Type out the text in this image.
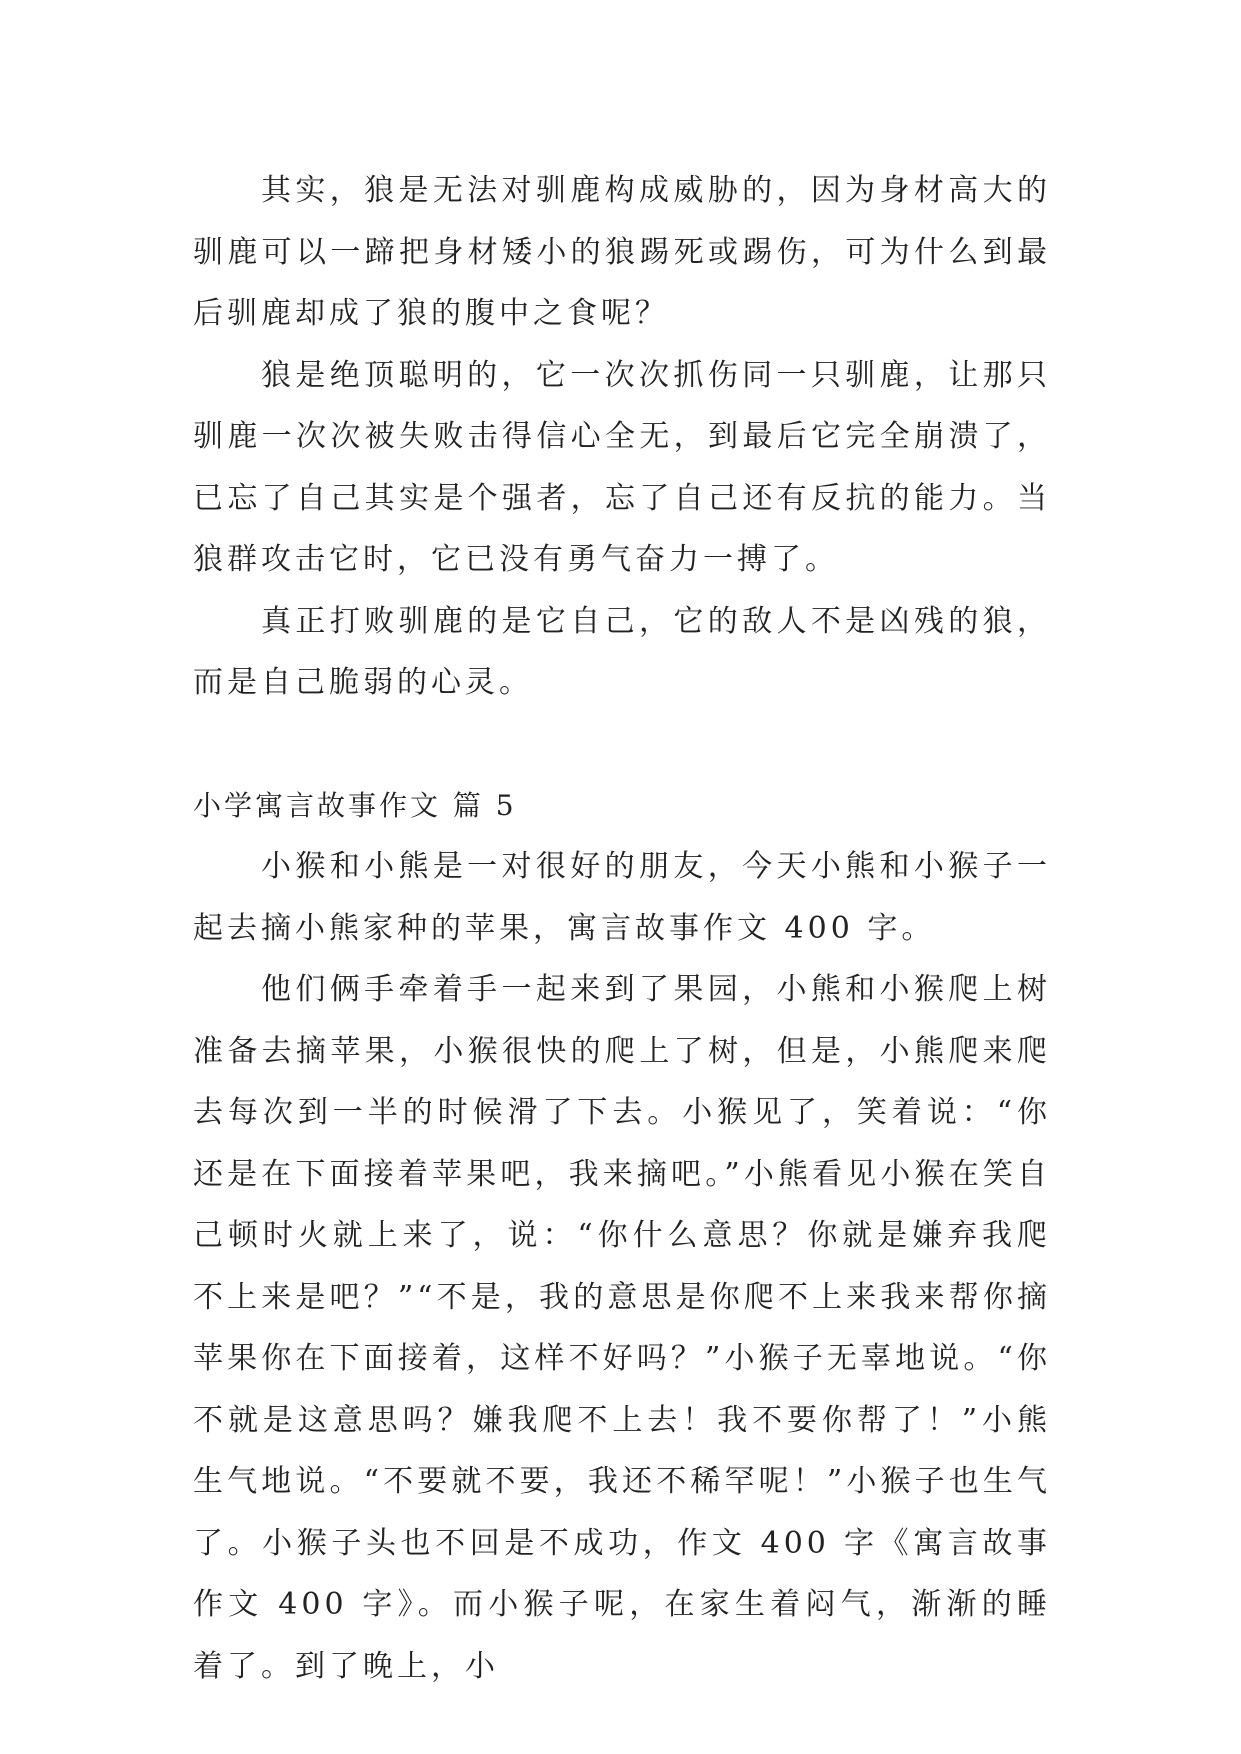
其实，狼是无法对驯鹿构成威胁的，因为身材高大的驯鹿可以一蹄把身材矮小的狼踢死或踢伤，可为什么到最后驯鹿却成了狼的腹中之食呢？

狼是绝顶聪明的，它一次次抓伤同一只驯鹿，让那只驯鹿一次次被失败击得信心全无，到最后它完全崩溃了，已忘了自己其实是个强者，忘了自己还有反抗的能力。当狼群攻击它时，它已没有勇气奋力一搏了。

真正打败驯鹿的是它自己，它的敌人不是凶残的狼，而是自己脆弱的心灵。

小学寓言故事作文 篇 5

小猴和小熊是一对很好的朋友，今天小熊和小猴子一起去摘小熊家种的苹果，寓言故事作文 400 字。

他们俩手牵着手一起来到了果园，小熊和小猴爬上树准备去摘苹果，小猴很快的爬上了树，但是，小熊爬来爬去每次到一半的时候滑了下去。小猴见了，笑着说：“你还是在下面接着苹果吧，我来摘吧。”小熊看见小猴在笑自己顿时火就上来了，说：“你什么意思？你就是嫌弃我爬不上来是吧？”“不是，我的意思是你爬不上来我来帮你摘苹果你在下面接着，这样不好吗？”小猴子无辜地说。“你不就是这意思吗？嫌我爬不上去！我不要你帮了！”小熊生气地说。“不要就不要，我还不稀罕呢！”小猴子也生气了。小猴子头也不回是不成功，作文 400 字《寓言故事作文 400 字》。而小猴子呢，在家生着闷气，渐渐的睡着了。到了晚上，小
